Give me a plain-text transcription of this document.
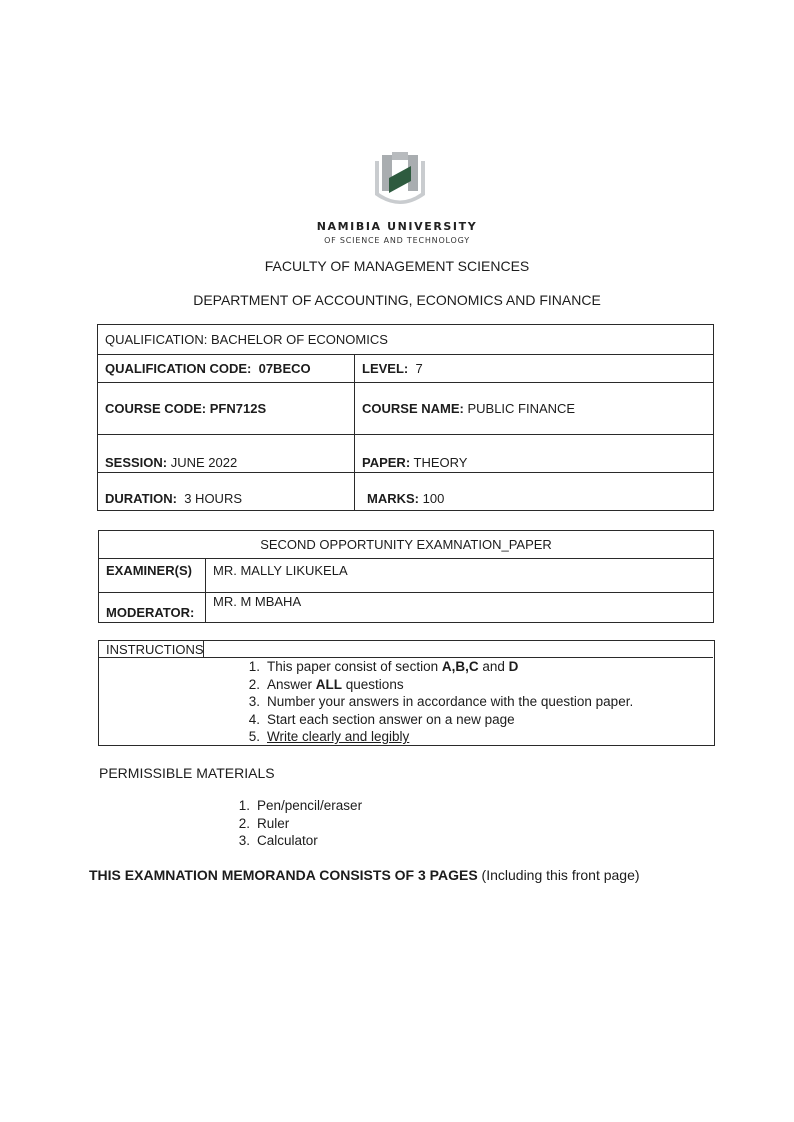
NAMIBIA UNIVERSITY
OF SCIENCE AND TECHNOLOGY
FACULTY OF MANAGEMENT SCIENCES
DEPARTMENT OF ACCOUNTING, ECONOMICS AND FINANCE
QUALIFICATION: BACHELOR OF ECONOMICS	
QUALIFICATION CODE: 07BECO	LEVEL: 7
COURSE CODE: PFN712S	COURSE NAME: PUBLIC FINANCE
SESSION: JUNE 2022	PAPER: THEORY
DURATION: 3 HOURS	MARKS: 100
SECOND OPPORTUNITY EXAMNATION_PAPER	
EXAMINER(S)	MR. MALLY LIKUKELA
MODERATOR:	MR. M MBAHA
INSTRUCTIONS
1. This paper consist of section A,B,C and D
2. Answer ALL questions
3. Number your answers in accordance with the question paper.
4. Start each section answer on a new page
5. Write clearly and legibly
PERMISSIBLE MATERIALS
1. Pen/pencil/eraser
2. Ruler
3. Calculator
THIS EXAMNATION MEMORANDA CONSISTS OF 3 PAGES (Including this front page)
